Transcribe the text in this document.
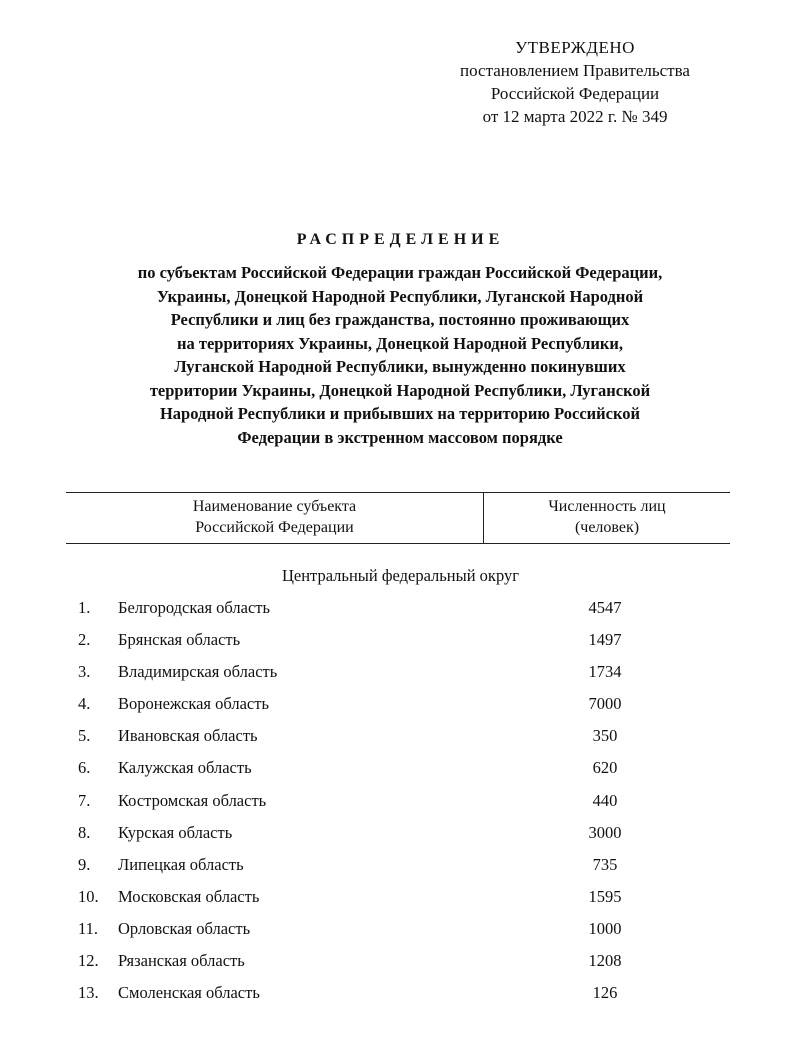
УТВЕРЖДЕНО
постановлением Правительства
Российской Федерации
от 12 марта 2022 г. № 349
РАСПРЕДЕЛЕНИЕ
по субъектам Российской Федерации граждан Российской Федерации,
Украины, Донецкой Народной Республики, Луганской Народной
Республики и лиц без гражданства, постоянно проживающих
на территориях Украины, Донецкой Народной Республики,
Луганской Народной Республики, вынужденно покинувших
территории Украины, Донецкой Народной Республики, Луганской
Народной Республики и прибывших на территорию Российской
Федерации в экстренном массовом порядке
Наименование субъекта
Российской Федерации
Численность лиц
(человек)
Центральный федеральный округ
1. Белгородская область	4547
2. Брянская область	1497
3. Владимирская область	1734
4. Воронежская область	7000
5. Ивановская область	350
6. Калужская область	620
7. Костромская область	440
8. Курская область	3000
9. Липецкая область	735
10. Московская область	1595
11. Орловская область	1000
12. Рязанская область	1208
13. Смоленская область	126
